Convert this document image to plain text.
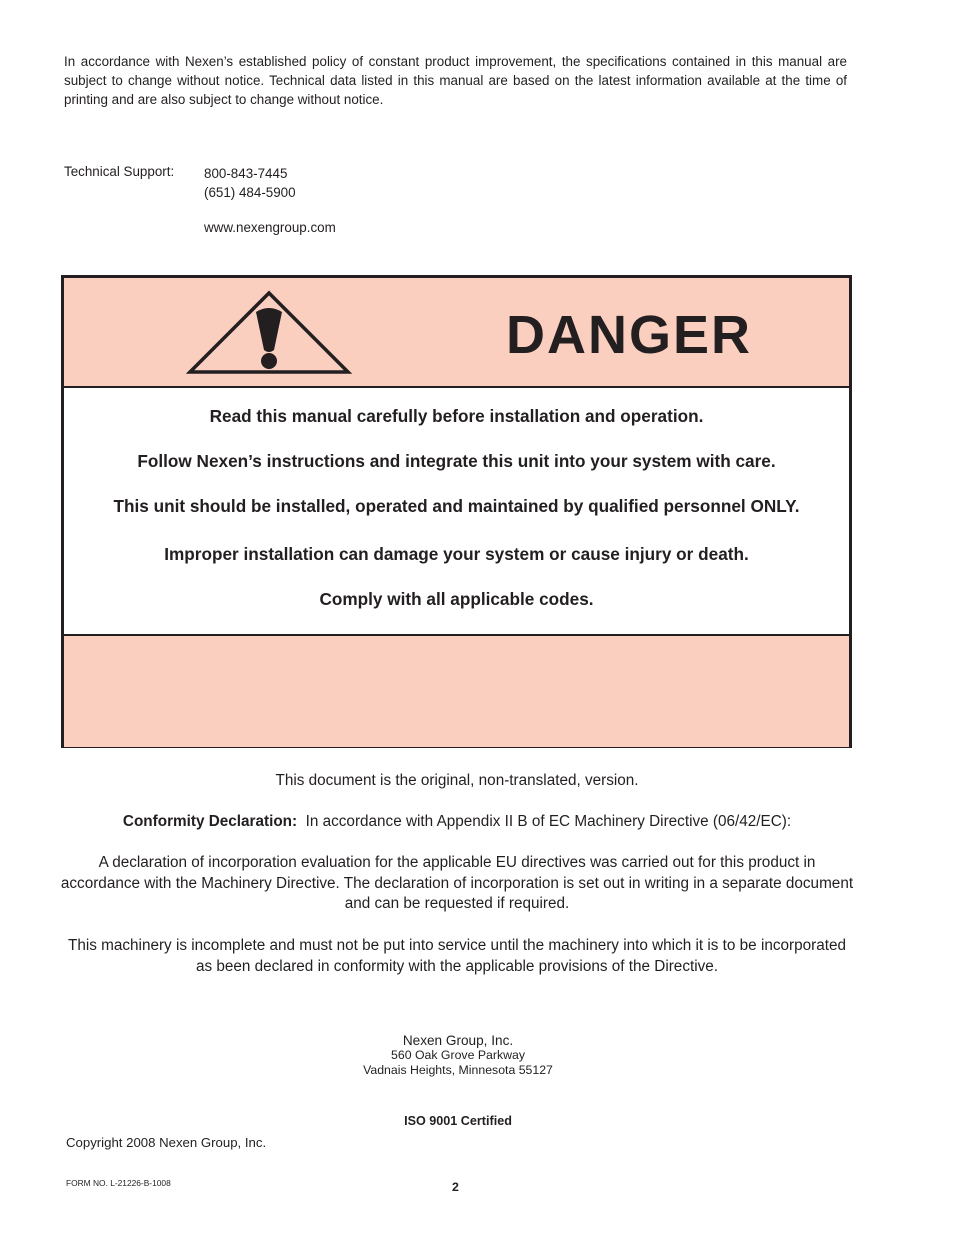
In accordance with Nexen’s established policy of constant product improvement, the specifications contained in this manual are subject to change without notice. Technical data listed in this manual are based on the latest information available at the time of printing and are also subject to change without notice.

Technical Support: 800-843-7445
(651) 484-5900
www.nexengroup.com
DANGER
Read this manual carefully before installation and operation.
Follow Nexen’s instructions and integrate this unit into your system with care.
This unit should be installed, operated and maintained by qualified personnel ONLY.
Improper installation can damage your system or cause injury or death.
Comply with all applicable codes.
This document is the original, non-translated, version.
Conformity Declaration: In accordance with Appendix II B of EC Machinery Directive (06/42/EC):

A declaration of incorporation evaluation for the applicable EU directives was carried out for this product in accordance with the Machinery Directive. The declaration of incorporation is set out in writing in a separate document and can be requested if required.

This machinery is incomplete and must not be put into service until the machinery into which it is to be incorporated as been declared in conformity with the applicable provisions of the Directive.

Nexen Group, Inc.
560 Oak Grove Parkway
Vadnais Heights, Minnesota 55127
ISO 9001 Certified
Copyright 2008 Nexen Group, Inc.
FORM NO. L-21226-B-1008	2
